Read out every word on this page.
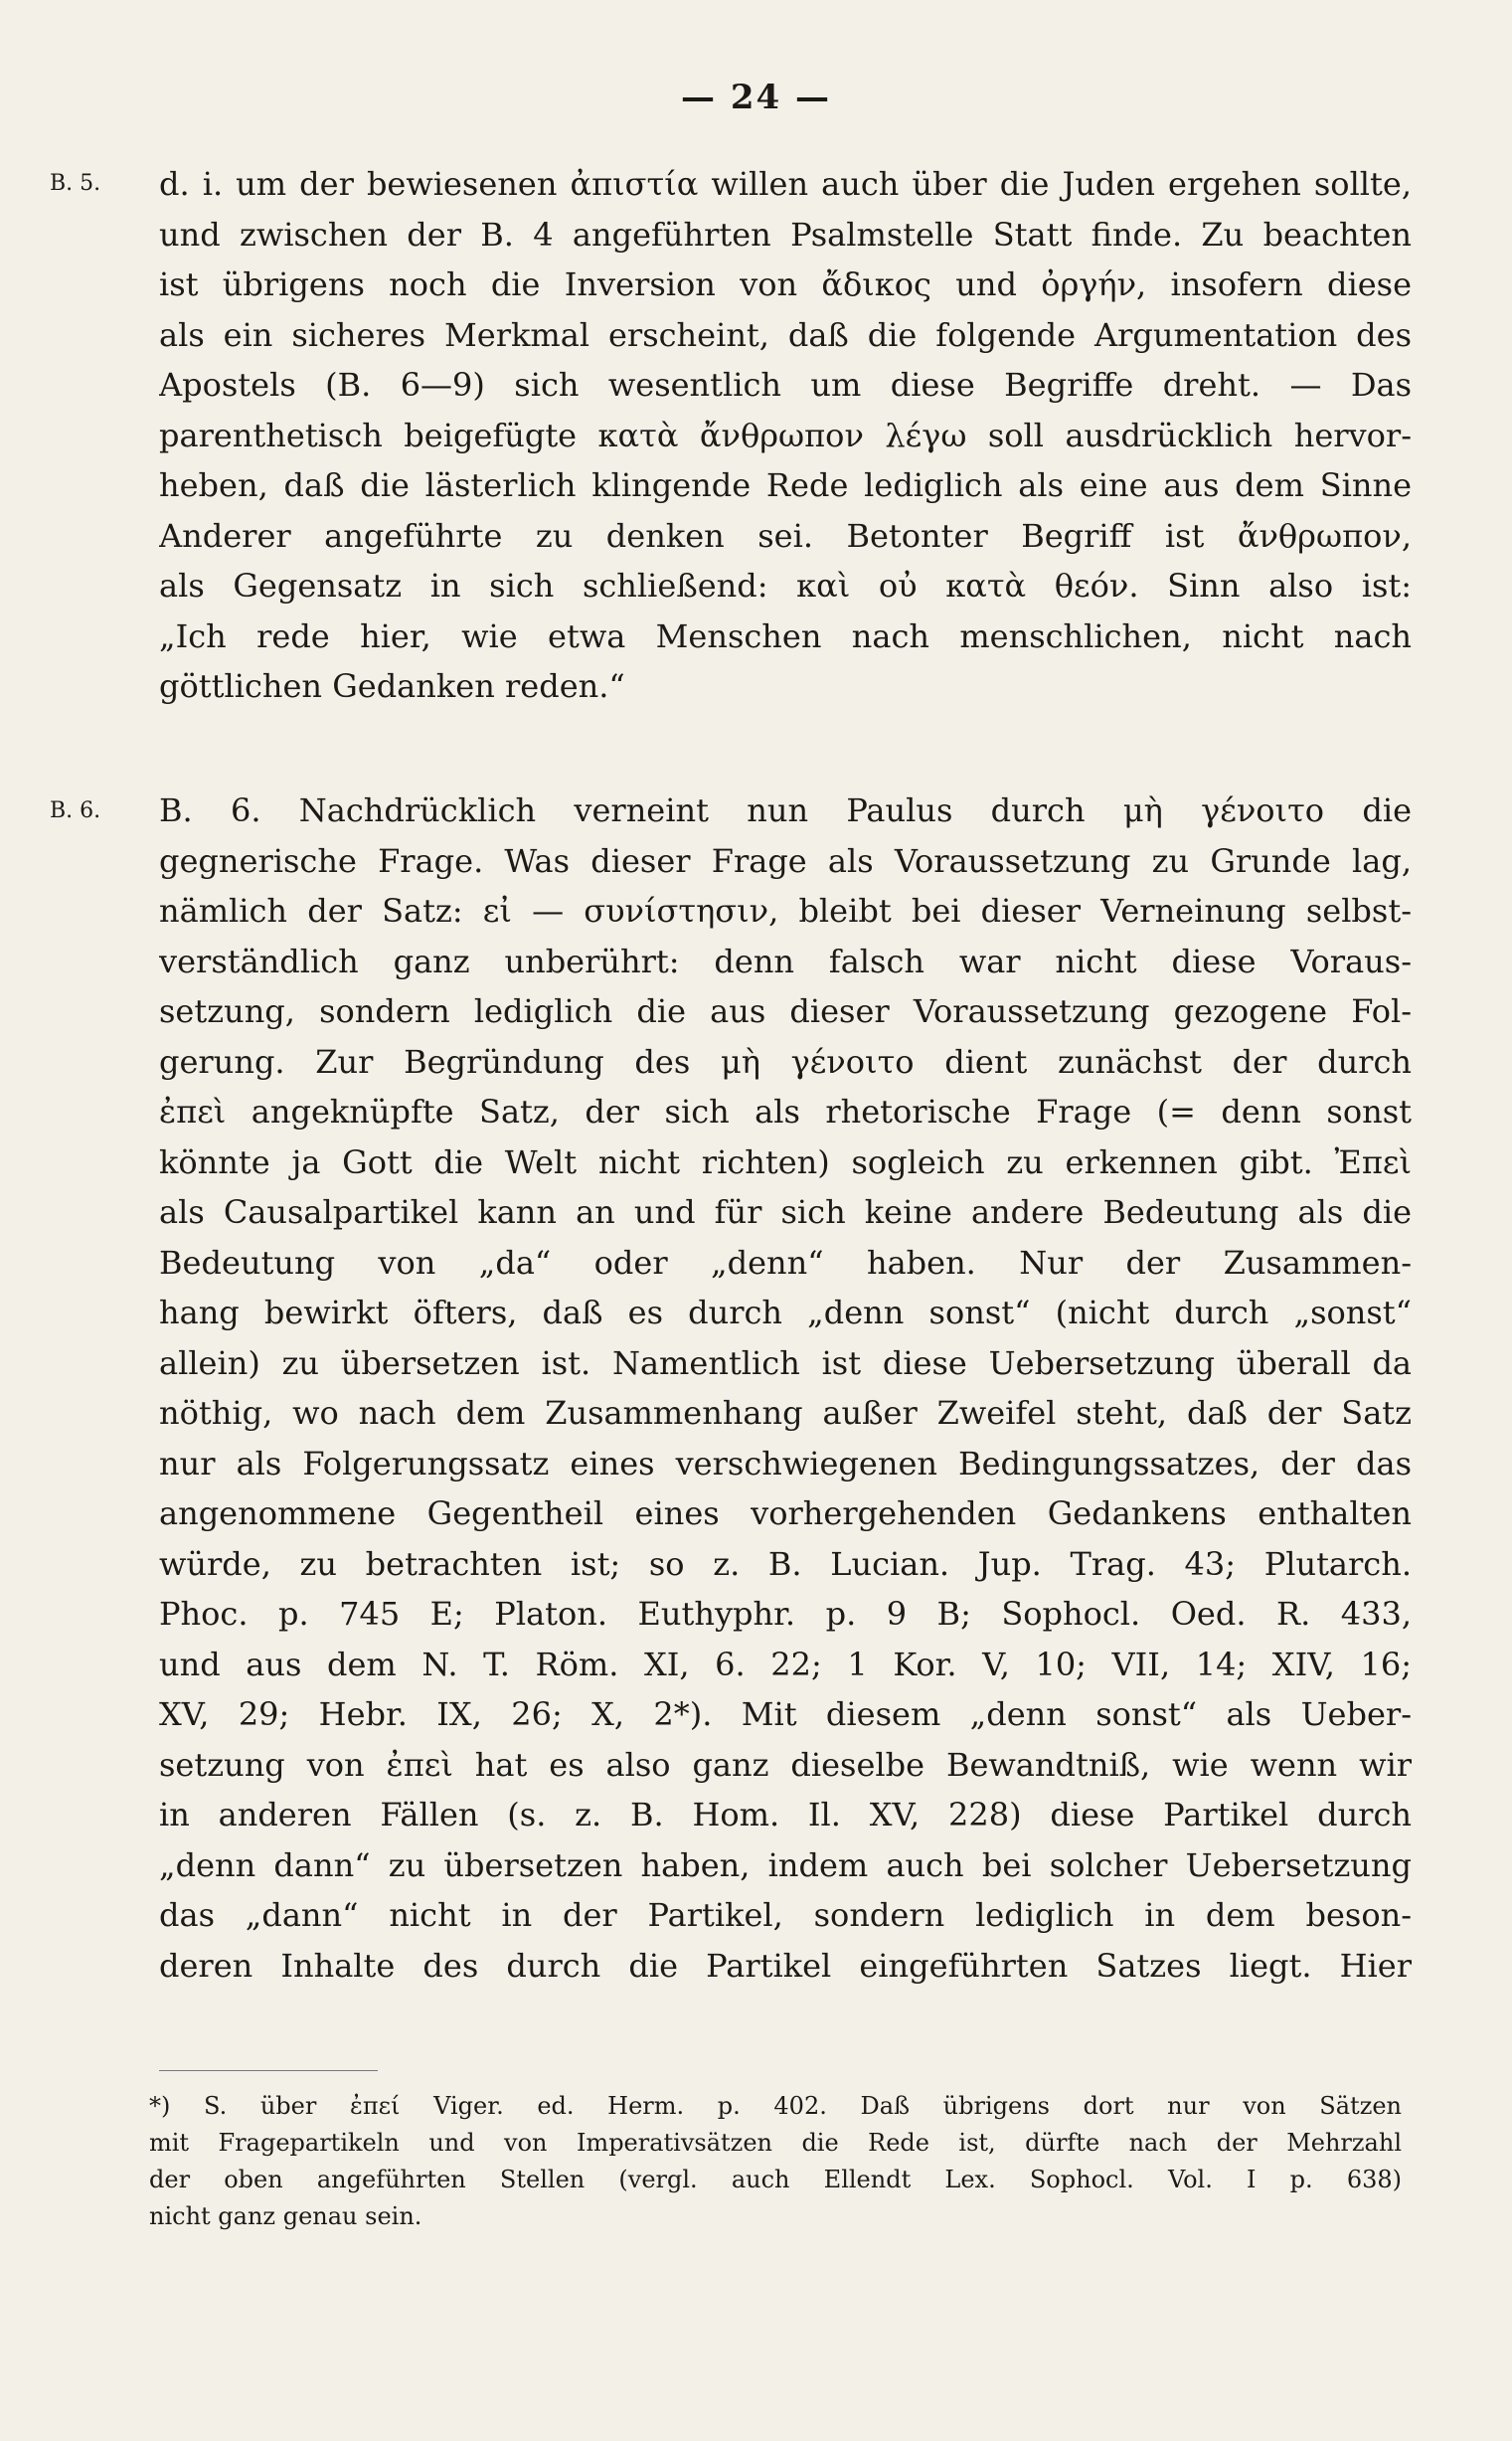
— 24 —
B. 5.
B. 6.
d. i. um der bewiesenen ἀπιστία willen auch über die Juden ergehen sollte,
und zwischen der B. 4 angeführten Psalmstelle Statt finde. Zu beachten
ist übrigens noch die Inversion von ἄδικος und ὀργήν, insofern diese
als ein sicheres Merkmal erscheint, daß die folgende Argumentation des
Apostels (B. 6—9) sich wesentlich um diese Begriffe dreht. — Das
parenthetisch beigefügte κατὰ ἄνθρωπον λέγω soll ausdrücklich hervor-
heben, daß die lästerlich klingende Rede lediglich als eine aus dem Sinne
Anderer angeführte zu denken sei. Betonter Begriff ist ἄνθρωπον,
als Gegensatz in sich schließend: καὶ οὐ κατὰ θεόν. Sinn also ist:
„Ich rede hier, wie etwa Menschen nach menschlichen, nicht nach
göttlichen Gedanken reden.“
B. 6. Nachdrücklich verneint nun Paulus durch μὴ γένοιτο die
gegnerische Frage. Was dieser Frage als Voraussetzung zu Grunde lag,
nämlich der Satz: εἰ — συνίστησιν, bleibt bei dieser Verneinung selbst-
verständlich ganz unberührt: denn falsch war nicht diese Voraus-
setzung, sondern lediglich die aus dieser Voraussetzung gezogene Fol-
gerung. Zur Begründung des μὴ γένοιτο dient zunächst der durch
ἐπεὶ angeknüpfte Satz, der sich als rhetorische Frage (= denn sonst
könnte ja Gott die Welt nicht richten) sogleich zu erkennen gibt. Ἐπεὶ
als Causalpartikel kann an und für sich keine andere Bedeutung als die
Bedeutung von „da“ oder „denn“ haben. Nur der Zusammen-
hang bewirkt öfters, daß es durch „denn sonst“ (nicht durch „sonst“
allein) zu übersetzen ist. Namentlich ist diese Uebersetzung überall da
nöthig, wo nach dem Zusammenhang außer Zweifel steht, daß der Satz
nur als Folgerungssatz eines verschwiegenen Bedingungssatzes, der das
angenommene Gegentheil eines vorhergehenden Gedankens enthalten
würde, zu betrachten ist; so z. B. Lucian. Jup. Trag. 43; Plutarch.
Phoc. p. 745 E; Platon. Euthyphr. p. 9 B; Sophocl. Oed. R. 433,
und aus dem N. T. Röm. XI, 6. 22; 1 Kor. V, 10; VII, 14; XIV, 16;
XV, 29; Hebr. IX, 26; X, 2*). Mit diesem „denn sonst“ als Ueber-
setzung von ἐπεὶ hat es also ganz dieselbe Bewandtniß, wie wenn wir
in anderen Fällen (s. z. B. Hom. Il. XV, 228) diese Partikel durch
„denn dann“ zu übersetzen haben, indem auch bei solcher Uebersetzung
das „dann“ nicht in der Partikel, sondern lediglich in dem beson-
deren Inhalte des durch die Partikel eingeführten Satzes liegt. Hier
*) S. über ἐπεί Viger. ed. Herm. p. 402. Daß übrigens dort nur von Sätzen
mit Fragepartikeln und von Imperativsätzen die Rede ist, dürfte nach der Mehrzahl
der oben angeführten Stellen (vergl. auch Ellendt Lex. Sophocl. Vol. I p. 638)
nicht ganz genau sein.
